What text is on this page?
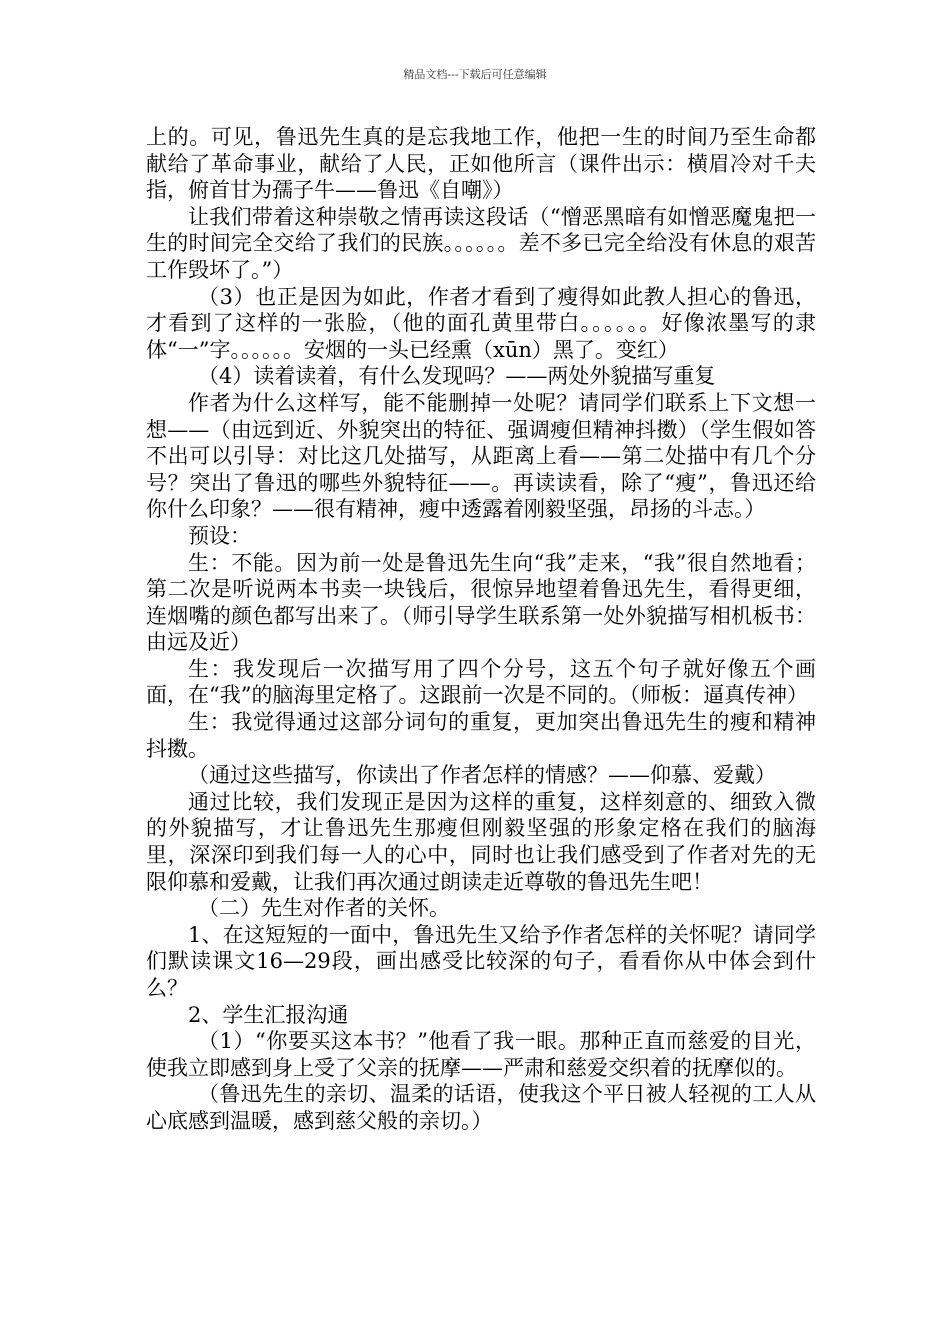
精品文档---下载后可任意编辑

上的。可见，鲁迅先生真的是忘我地工作，他把一生的时间乃至生命都献给了革命事业，献给了人民，正如他所言（课件出示：横眉冷对千夫指，俯首甘为孺子牛——鲁迅《自嘲》）

让我们带着这种崇敬之情再读这段话（“憎恶黑暗有如憎恶魔鬼把一生的时间完全交给了我们的民族。。。。。。差不多已完全给没有休息的艰苦工作毁坏了。”）

（3）也正是因为如此，作者才看到了瘦得如此教人担心的鲁迅，才看到了这样的一张脸，（他的面孔黄里带白。。。。。。好像浓墨写的隶体“一”字。。。。。。安烟的一头已经熏（xūn）黑了。变红）

（4）读着读着，有什么发现吗？——两处外貌描写重复

作者为什么这样写，能不能删掉一处呢？请同学们联系上下文想一想——（由远到近、外貌突出的特征、强调瘦但精神抖擞）（学生假如答不出可以引导：对比这几处描写，从距离上看——第二处描中有几个分号？突出了鲁迅的哪些外貌特征——。再读读看，除了“瘦”，鲁迅还给你什么印象？——很有精神，瘦中透露着刚毅坚强，昂扬的斗志。）

预设：

生：不能。因为前一处是鲁迅先生向“我”走来，“我”很自然地看；第二次是听说两本书卖一块钱后，很惊异地望着鲁迅先生，看得更细，连烟嘴的颜色都写出来了。（师引导学生联系第一处外貌描写相机板书：由远及近）

生：我发现后一次描写用了四个分号，这五个句子就好像五个画面，在“我”的脑海里定格了。这跟前一次是不同的。（师板：逼真传神）

生：我觉得通过这部分词句的重复，更加突出鲁迅先生的瘦和精神抖擞。

（通过这些描写，你读出了作者怎样的情感？——仰慕、爱戴）

通过比较，我们发现正是因为这样的重复，这样刻意的、细致入微的外貌描写，才让鲁迅先生那瘦但刚毅坚强的形象定格在我们的脑海里，深深印到我们每一人的心中，同时也让我们感受到了作者对先的无限仰慕和爱戴，让我们再次通过朗读走近尊敬的鲁迅先生吧！

（二）先生对作者的关怀。

1、在这短短的一面中，鲁迅先生又给予作者怎样的关怀呢？请同学们默读课文16—29段，画出感受比较深的句子，看看你从中体会到什么？

2、学生汇报沟通

（1）“你要买这本书？”他看了我一眼。那种正直而慈爱的目光，使我立即感到身上受了父亲的抚摩——严肃和慈爱交织着的抚摩似的。

（鲁迅先生的亲切、温柔的话语，使我这个平日被人轻视的工人从心底感到温暖，感到慈父般的亲切。）
